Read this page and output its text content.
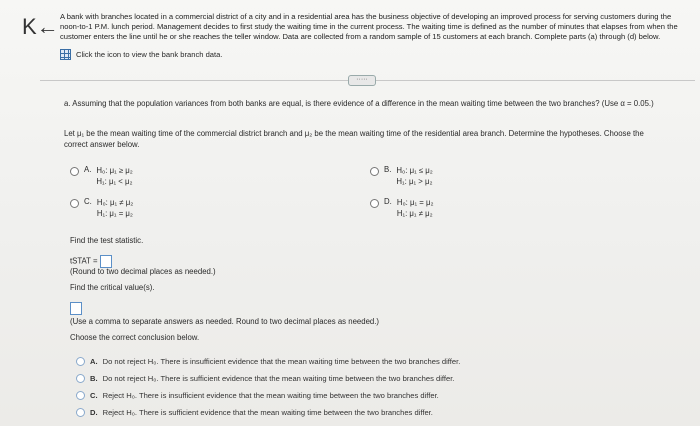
K← A bank with branches located in a commercial district of a city and in a residential area has the business objective of developing an improved process for serving customers during the noon-to-1 P.M. lunch period. Management decides to first study the waiting time in the current process. The waiting time is defined as the number of minutes that elapses from when the customer enters the line until he or she reaches the teller window. Data are collected from a random sample of 15 customers at each branch. Complete parts (a) through (d) below.
Click the icon to view the bank branch data.
·····
a. Assuming that the population variances from both banks are equal, is there evidence of a difference in the mean waiting time between the two branches? (Use α = 0.05.)
Let μ₁ be the mean waiting time of the commercial district branch and μ₂ be the mean waiting time of the residential area branch. Determine the hypotheses. Choose the correct answer below.
A. H₀: μ₁ ≥ μ₂
H₁: μ₁ < μ₂
B. H₀: μ₁ ≤ μ₂
H₁: μ₁ > μ₂
C. H₀: μ₁ ≠ μ₂
H₁: μ₁ = μ₂
D. H₀: μ₁ = μ₂
H₁: μ₁ ≠ μ₂
Find the test statistic.
tSTAT =
(Round to two decimal places as needed.)
Find the critical value(s).
(Use a comma to separate answers as needed. Round to two decimal places as needed.)
Choose the correct conclusion below.
A. Do not reject H₀. There is insufficient evidence that the mean waiting time between the two branches differ.
B. Do not reject H₀. There is sufficient evidence that the mean waiting time between the two branches differ.
C. Reject H₀. There is insufficient evidence that the mean waiting time between the two branches differ.
D. Reject H₀. There is sufficient evidence that the mean waiting time between the two branches differ.
